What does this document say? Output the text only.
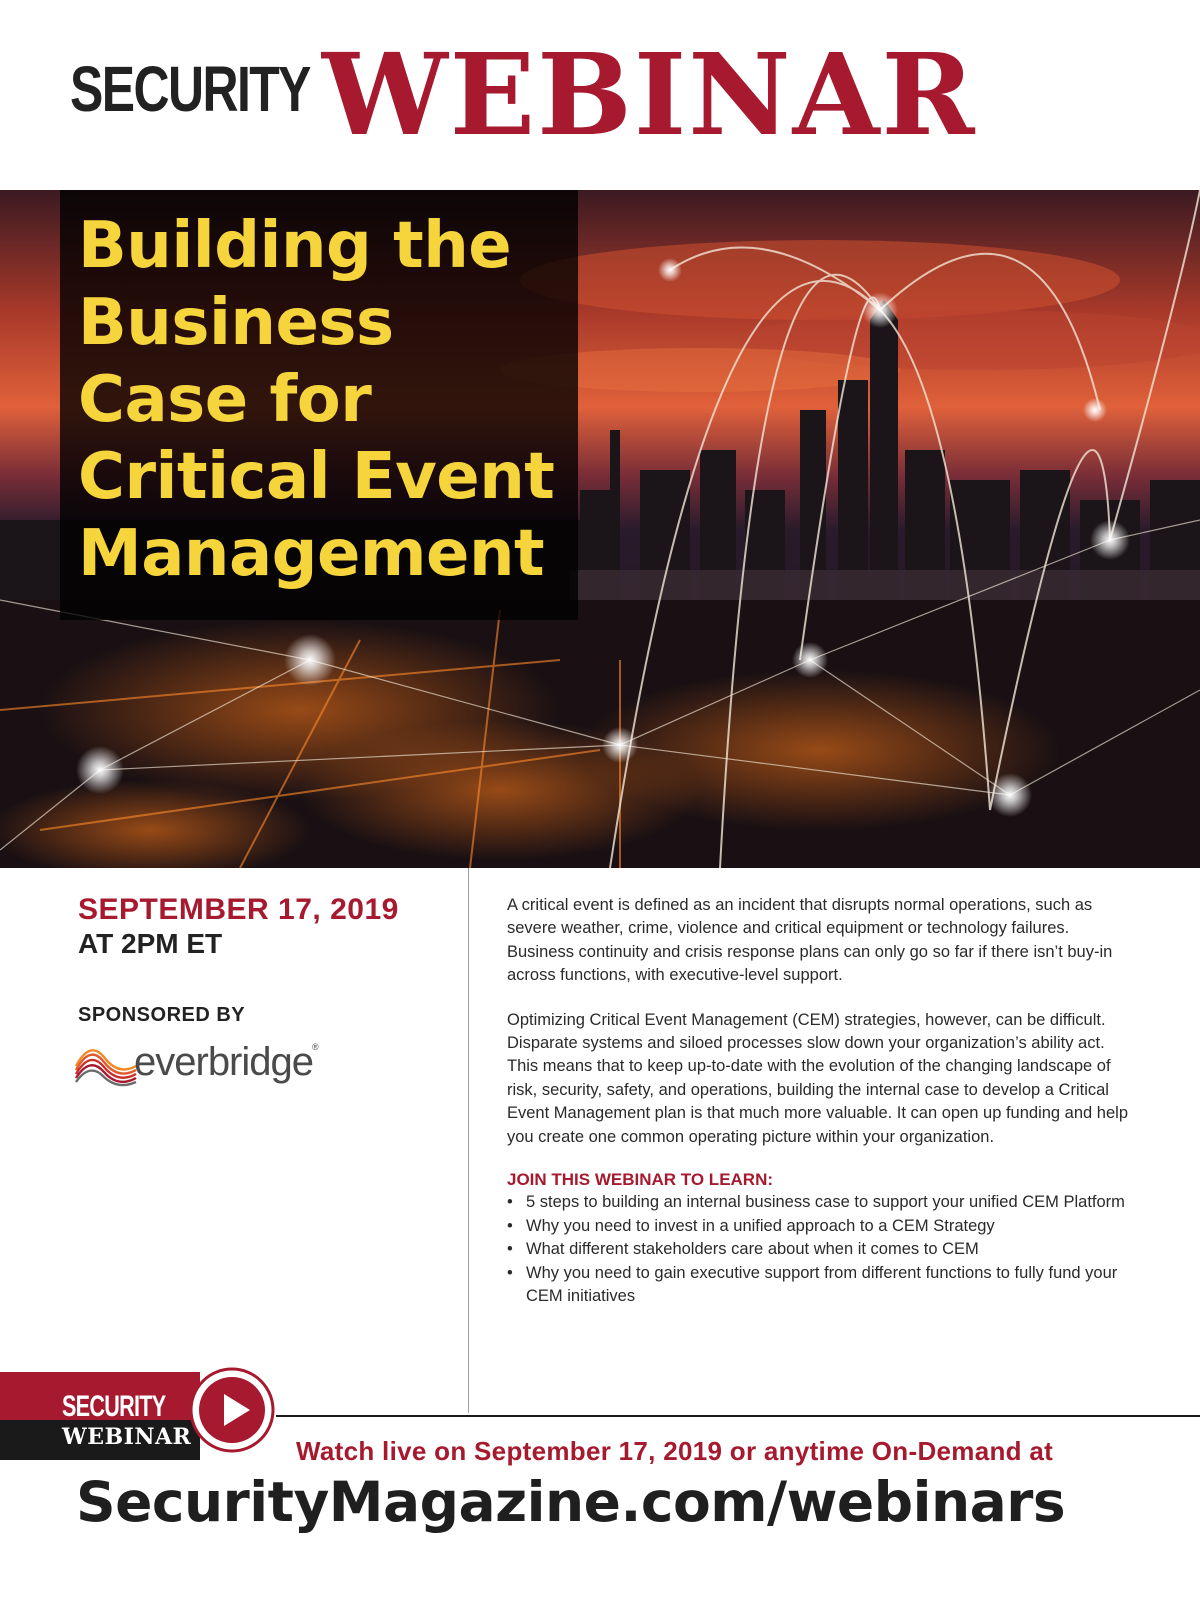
SECURITY WEBINAR
Building the
Business
Case for
Critical Event
Management
SEPTEMBER 17, 2019
AT 2PM ET
SPONSORED BY
everbridge
®

A critical event is defined as an incident that disrupts normal operations, such as severe weather, crime, violence and critical equipment or technology failures. Business continuity and crisis response plans can only go so far if there isn’t buy-in across functions, with executive-level support.

Optimizing Critical Event Management (CEM) strategies, however, can be difficult. Disparate systems and siloed processes slow down your organization’s ability act. This means that to keep up-to-date with the evolution of the changing landscape of risk, security, safety, and operations, building the internal case to develop a Critical Event Management plan is that much more valuable. It can open up funding and help you create one common operating picture within your organization.

JOIN THIS WEBINAR TO LEARN:
• 5 steps to building an internal business case to support your unified CEM Platform
• Why you need to invest in a unified approach to a CEM Strategy
• What different stakeholders care about when it comes to CEM
• Why you need to gain executive support from different functions to fully fund your CEM initiatives
SECURITY
WEBINAR	Watch live on September 17, 2019 or anytime On-Demand at
SecurityMagazine.com/webinars
